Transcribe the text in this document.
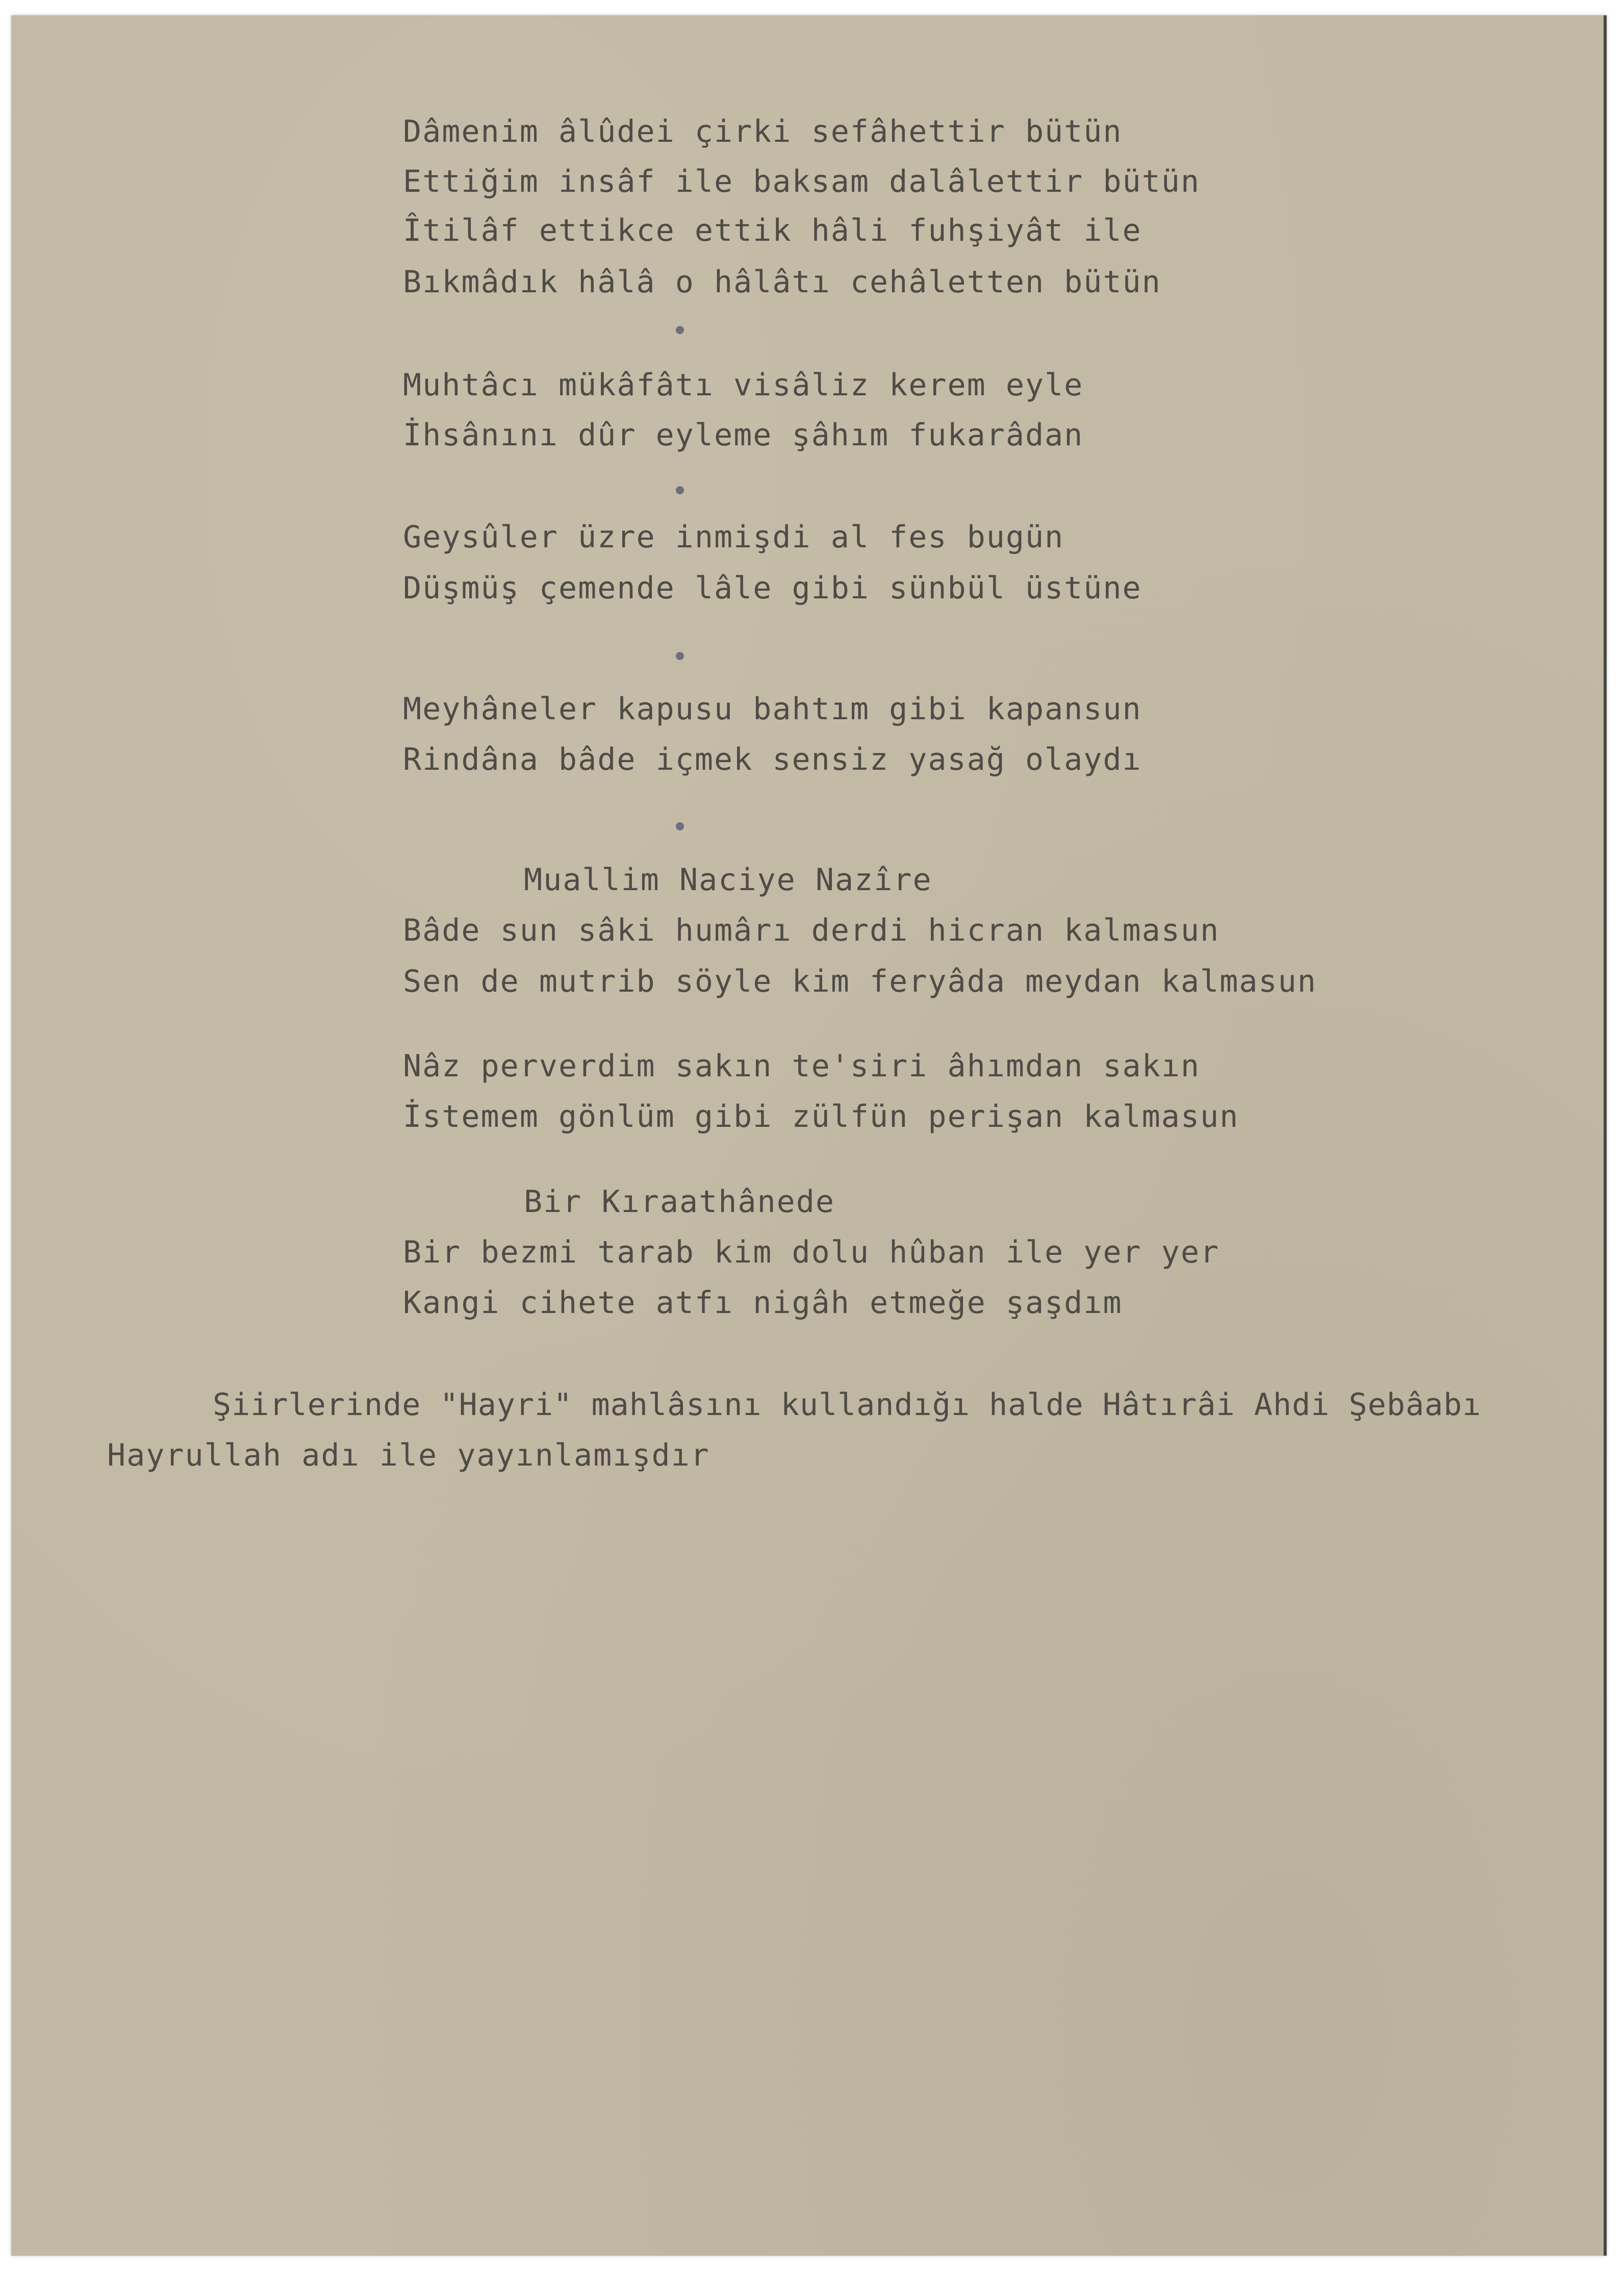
Dâmenim âlûdei çirki sefâhettir bütün
Ettiğim insâf ile baksam dalâlettir bütün
Îtilâf ettikce ettik hâli fuhşiyât ile
Bıkmâdık hâlâ o hâlâtı cehâletten bütün
Muhtâcı mükâfâtı visâliz kerem eyle
İhsânını dûr eyleme şâhım fukarâdan
Geysûler üzre inmişdi al fes bugün
Düşmüş çemende lâle gibi sünbül üstüne
Meyhâneler kapusu bahtım gibi kapansun
Rindâna bâde içmek sensiz yasağ olaydı
Muallim Naciye Nazîre
Bâde sun sâki humârı derdi hicran kalmasun
Sen de mutrib söyle kim feryâda meydan kalmasun
Nâz perverdim sakın te'siri âhımdan sakın
İstemem gönlüm gibi zülfün perişan kalmasun
Bir Kıraathânede
Bir bezmi tarab kim dolu hûban ile yer yer
Kangi cihete atfı nigâh etmeğe şaşdım
Şiirlerinde "Hayri" mahlâsını kullandığı halde Hâtırâi Ahdi Şebâabı
Hayrullah adı ile yayınlamışdır
